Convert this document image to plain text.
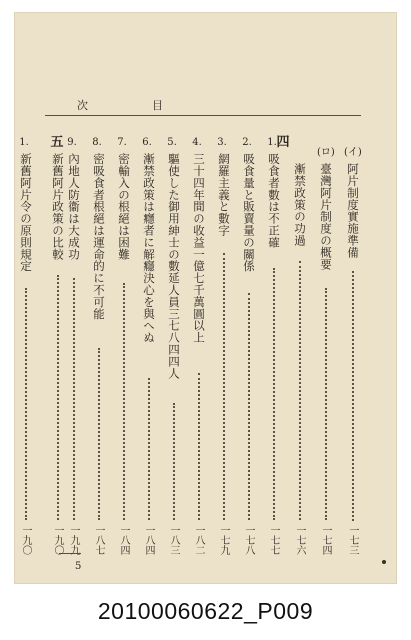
次	目
四
(イ)
阿片制度實施準備
一七三
(ロ)
臺灣阿片制度の概要
一七四
漸禁政策の功過
一七六
1.
吸食者數は不正確
一七七
2.
吸食量と販賣量の關係
一七八
3.
網羅主義と數字
一七九
4.
三十四年間の收益一億七千萬圓以上
一八二
5.
驅使した御用紳士の數延人員三七八四四人
一八三
6.
漸禁政策は癮者に解癮決心を與へぬ
一八四
7.
密輸入の根絕は困難
一八四
8.
密吸食者根絕は運命的に不可能
一八七
9.
內地人防衞は大成功
一九九
五
新舊阿片政策の比較
一九〇
1.
新舊阿片令の原則規定
一九〇
5
20100060622_P009
